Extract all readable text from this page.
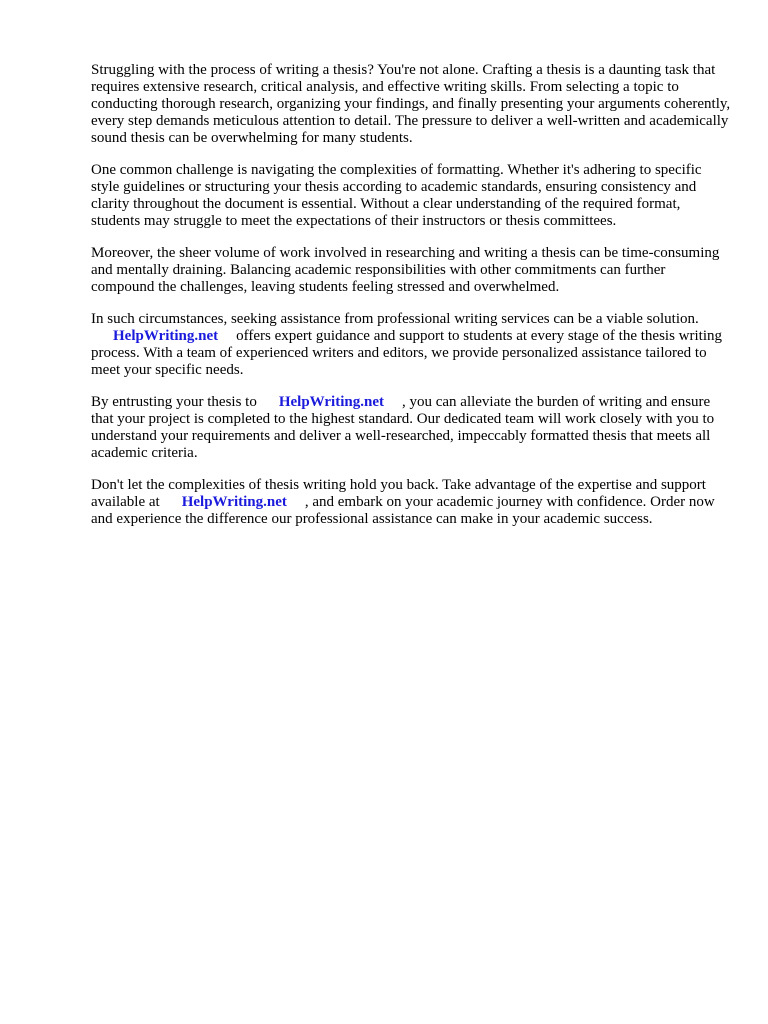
Struggling with the process of writing a thesis? You're not alone. Crafting a thesis is a daunting task that requires extensive research, critical analysis, and effective writing skills. From selecting a topic to conducting thorough research, organizing your findings, and finally presenting your arguments coherently, every step demands meticulous attention to detail. The pressure to deliver a well-written and academically sound thesis can be overwhelming for many students.

One common challenge is navigating the complexities of formatting. Whether it's adhering to specific style guidelines or structuring your thesis according to academic standards, ensuring consistency and clarity throughout the document is essential. Without a clear understanding of the required format, students may struggle to meet the expectations of their instructors or thesis committees.

Moreover, the sheer volume of work involved in researching and writing a thesis can be time-consuming and mentally draining. Balancing academic responsibilities with other commitments can further compound the challenges, leaving students feeling stressed and overwhelmed.

In such circumstances, seeking assistance from professional writing services can be a viable solution.
HelpWriting.net offers expert guidance and support to students at every stage of the thesis writing process. With a team of experienced writers and editors, we provide personalized assistance tailored to meet your specific needs.

By entrusting your thesis to HelpWriting.net , you can alleviate the burden of writing and ensure that your project is completed to the highest standard. Our dedicated team will work closely with you to understand your requirements and deliver a well-researched, impeccably formatted thesis that meets all academic criteria.

Don't let the complexities of thesis writing hold you back. Take advantage of the expertise and support available at HelpWriting.net , and embark on your academic journey with confidence. Order now and experience the difference our professional assistance can make in your academic success.
